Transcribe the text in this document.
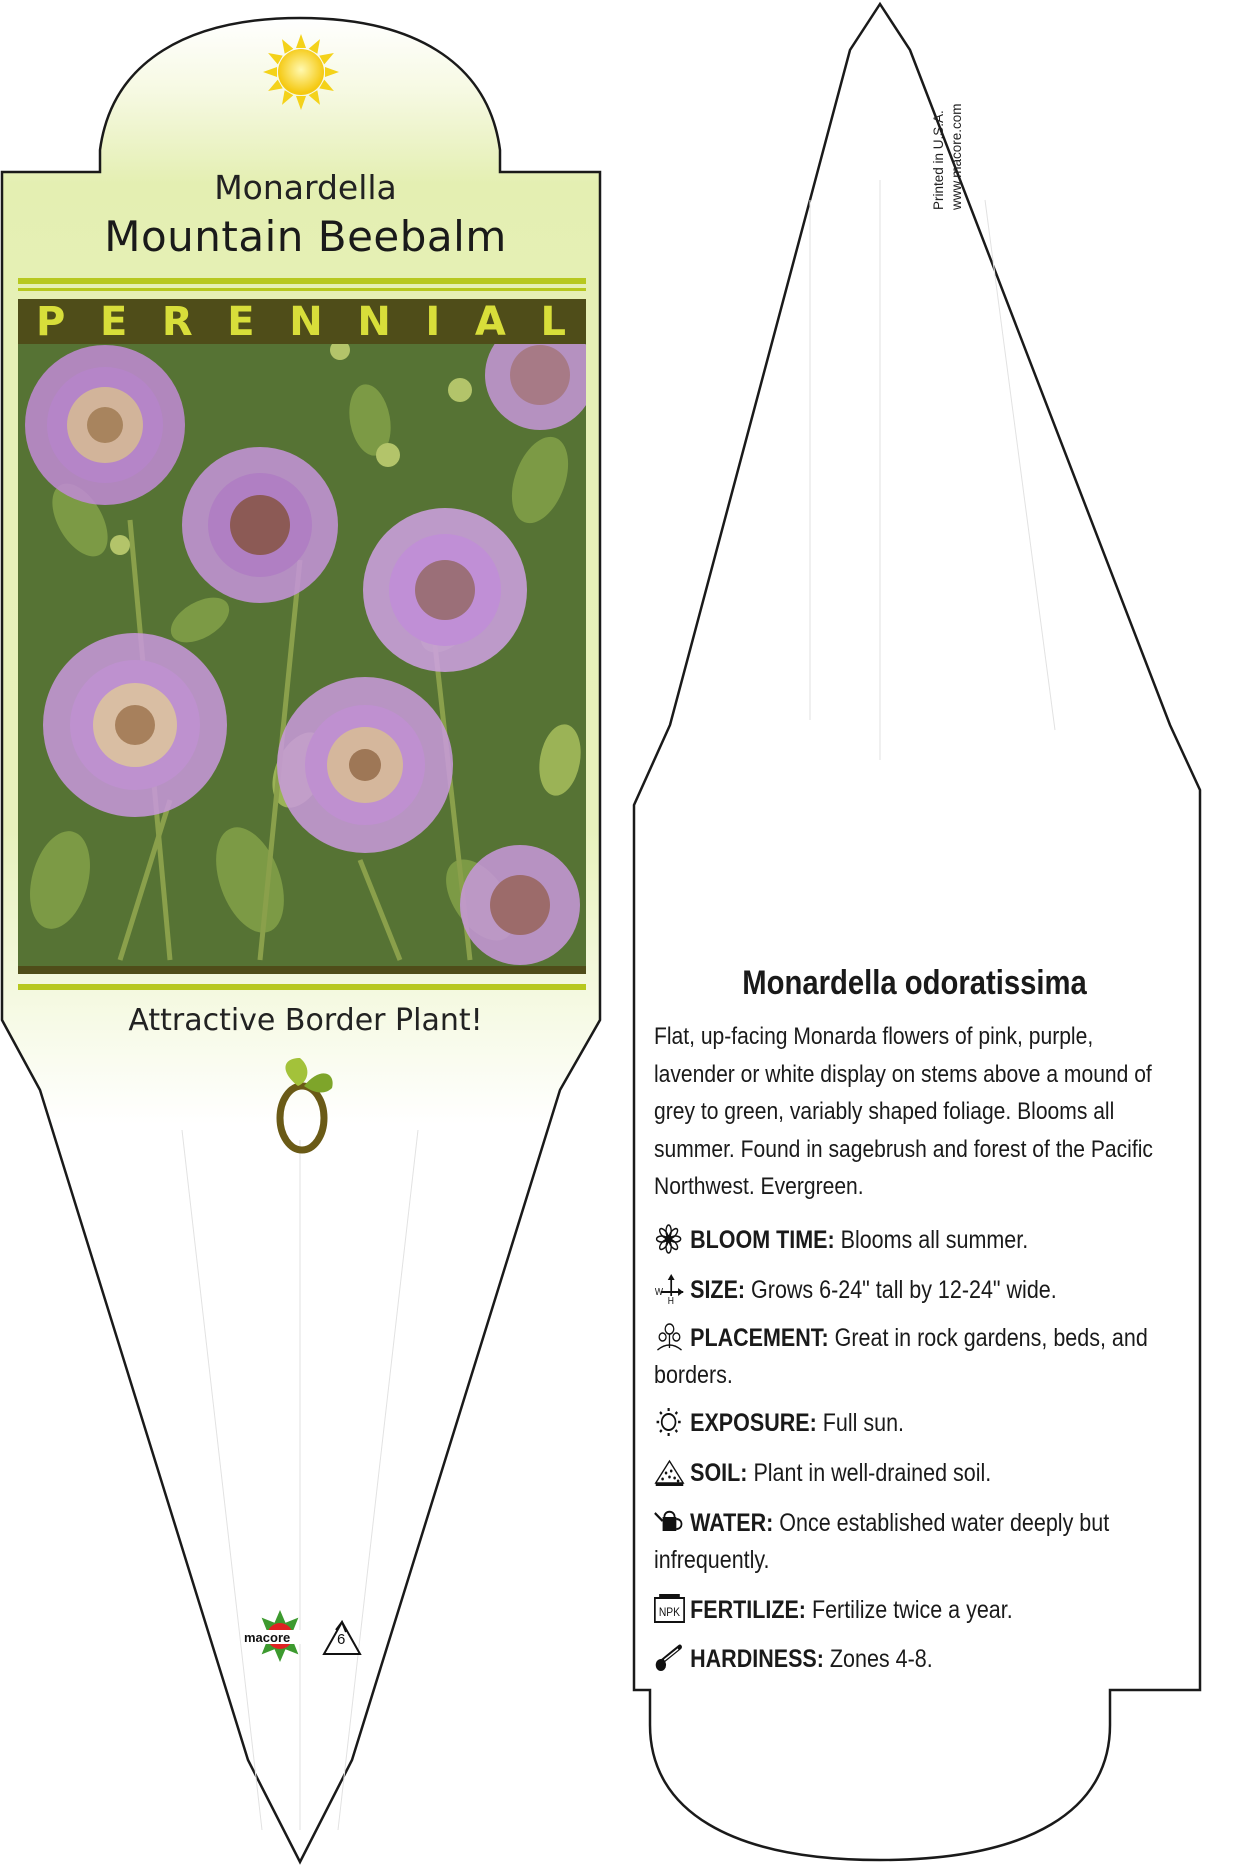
Monardella
Mountain Beebalm
P E R E N N I A L
Attractive Border Plant!
macore	6
Printed in U.S.A. www.macore.com
Monardella odoratissima
Flat, up-facing Monarda flowers of pink, purple, lavender or white display on stems above a mound of grey to green, variably shaped foliage. Blooms all summer. Found in sagebrush and forest of the Pacific Northwest. Evergreen.
BLOOM TIME: Blooms all summer.
W
H SIZE: Grows 6-24" tall by 12-24" wide.
PLACEMENT: Great in rock gardens, beds, and borders.
EXPOSURE: Full sun.
SOIL: Plant in well-drained soil.
WATER: Once established water deeply but infrequently.
NPK FERTILIZE: Fertilize twice a year.
HARDINESS: Zones 4-8.
